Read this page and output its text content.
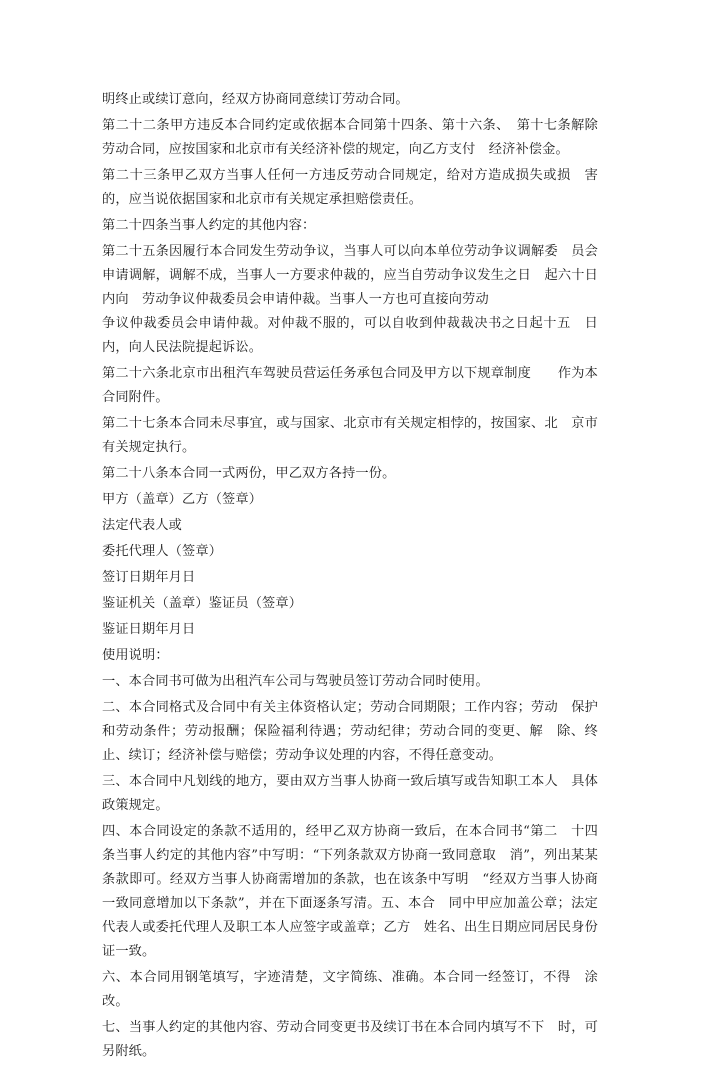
明终止或续订意向，经双方协商同意续订劳动合同。

第二十二条甲方违反本合同约定或依据本合同第十四条、第十六条、　第十七条解除劳动合同，应按国家和北京市有关经济补偿的规定，向乙方支付　经济补偿金。

第二十三条甲乙双方当事人任何一方违反劳动合同规定，给对方造成损失或损　害的，应当说依据国家和北京市有关规定承担赔偿责任。

第二十四条当事人约定的其他内容：

第二十五条因履行本合同发生劳动争议，当事人可以向本单位劳动争议调解委　员会申请调解，调解不成，当事人一方要求仲裁的，应当自劳动争议发生之日　起六十日内向　劳动争议仲裁委员会申请仲裁。当事人一方也可直接向劳动

争议仲裁委员会申请仲裁。对仲裁不服的，可以自收到仲裁裁决书之日起十五　日内，向人民法院提起诉讼。

第二十六条北京市出租汽车驾驶员营运任务承包合同及甲方以下规章制度　　作为本合同附件。

第二十七条本合同未尽事宜，或与国家、北京市有关规定相悖的，按国家、北　京市有关规定执行。

第二十八条本合同一式两份，甲乙双方各持一份。

甲方（盖章）乙方（签章）

法定代表人或

委托代理人（签章）

签订日期年月日

鉴证机关（盖章）鉴证员（签章）

鉴证日期年月日

使用说明：

一、本合同书可做为出租汽车公司与驾驶员签订劳动合同时使用。

二、本合同格式及合同中有关主体资格认定；劳动合同期限；工作内容；劳动　保护和劳动条件；劳动报酬；保险福利待遇；劳动纪律；劳动合同的变更、解　除、终止、续订；经济补偿与赔偿；劳动争议处理的内容，不得任意变动。

三、本合同中凡划线的地方，要由双方当事人协商一致后填写或告知职工本人　具体政策规定。

四、本合同设定的条款不适用的，经甲乙双方协商一致后，在本合同书“第二　十四条当事人约定的其他内容”中写明：“下列条款双方协商一致同意取　消”，列出某某条款即可。经双方当事人协商需增加的条款，也在该条中写明　“经双方当事人协商一致同意增加以下条款”，并在下面逐条写清。五、本合　同中甲应加盖公章；法定代表人或委托代理人及职工本人应签字或盖章；乙方　姓名、出生日期应同居民身份证一致。

六、本合同用钢笔填写，字迹清楚，文字简练、准确。本合同一经签订，不得　涂改。

七、当事人约定的其他内容、劳动合同变更书及续订书在本合同内填写不下　时，可另附纸。
